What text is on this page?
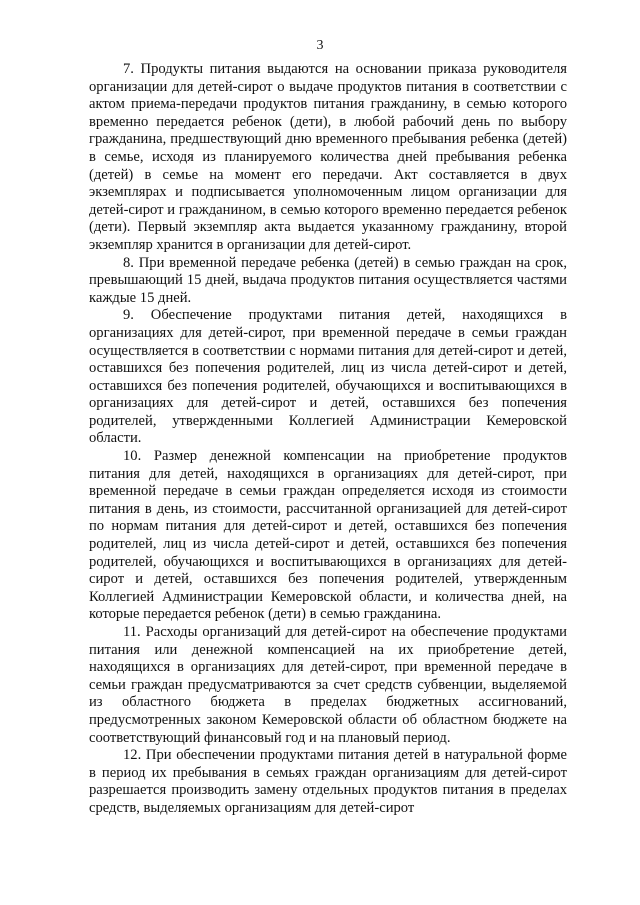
3

7. Продукты питания выдаются на основании приказа руководителя организации для детей-сирот о выдаче продуктов питания в соответствии с актом приема-передачи продуктов питания гражданину, в семью которого временно передается ребенок (дети), в любой рабочий день по выбору гражданина, предшествующий дню временного пребывания ребенка (детей) в семье, исходя из планируемого количества дней пребывания ребенка (детей) в семье на момент его передачи. Акт составляется в двух экземплярах и подписывается уполномоченным лицом организации для детей-сирот и гражданином, в семью которого временно передается ребенок (дети). Первый экземпляр акта выдается указанному гражданину, второй экземпляр хранится в организации для детей-сирот.

8. При временной передаче ребенка (детей) в семью граждан на срок, превышающий 15 дней, выдача продуктов питания осуществляется частями каждые 15 дней.

9. Обеспечение продуктами питания детей, находящихся в организациях для детей-сирот, при временной передаче в семьи граждан осуществляется в соответствии с нормами питания для детей-сирот и детей, оставшихся без попечения родителей, лиц из числа детей-сирот и детей, оставшихся без попечения родителей, обучающихся и воспитывающихся в организациях для детей-сирот и детей, оставшихся без попечения родителей, утвержденными Коллегией Администрации Кемеровской области.

10. Размер денежной компенсации на приобретение продуктов питания для детей, находящихся в организациях для детей-сирот, при временной передаче в семьи граждан определяется исходя из стоимости питания в день, из стоимости, рассчитанной организацией для детей-сирот по нормам питания для детей-сирот и детей, оставшихся без попечения родителей, лиц из числа детей-сирот и детей, оставшихся без попечения родителей, обучающихся и воспитывающихся в организациях для детей-сирот и детей, оставшихся без попечения родителей, утвержденным Коллегией Администрации Кемеровской области, и количества дней, на которые передается ребенок (дети) в семью гражданина.

11. Расходы организаций для детей-сирот на обеспечение продуктами питания или денежной компенсацией на их приобретение детей, находящихся в организациях для детей-сирот, при временной передаче в семьи граждан предусматриваются за счет средств субвенции, выделяемой из областного бюджета в пределах бюджетных ассигнований, предусмотренных законом Кемеровской области об областном бюджете на соответствующий финансовый год и на плановый период.

12. При обеспечении продуктами питания детей в натуральной форме в период их пребывания в семьях граждан организациям для детей-сирот разрешается производить замену отдельных продуктов питания в пределах средств, выделяемых организациям для детей-сирот
